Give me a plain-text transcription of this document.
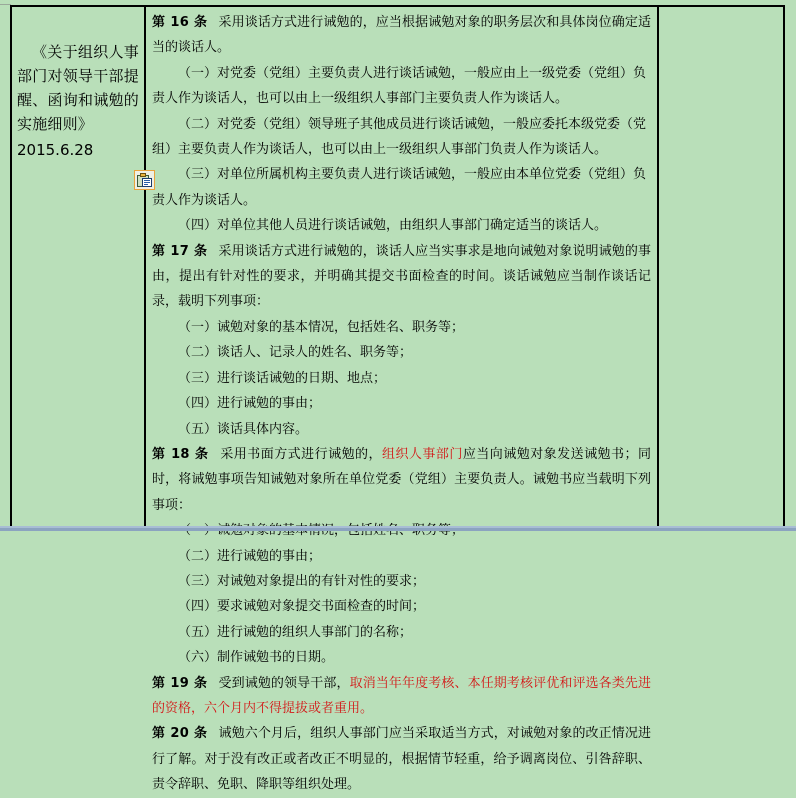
《关于组织人事部门对领导干部提醒、函询和诫勉的实施细则》
2015.6.28

第 16 条 采用谈话方式进行诫勉的，应当根据诫勉对象的职务层次和具体岗位确定适当的谈话人。

（一）对党委（党组）主要负责人进行谈话诫勉，一般应由上一级党委（党组）负责人作为谈话人，也可以由上一级组织人事部门主要负责人作为谈话人。

（二）对党委（党组）领导班子其他成员进行谈话诫勉，一般应委托本级党委（党组）主要负责人作为谈话人，也可以由上一级组织人事部门负责人作为谈话人。

（三）对单位所属机构主要负责人进行谈话诫勉，一般应由本单位党委（党组）负责人作为谈话人。

（四）对单位其他人员进行谈话诫勉，由组织人事部门确定适当的谈话人。

第 17 条 采用谈话方式进行诫勉的，谈话人应当实事求是地向诫勉对象说明诫勉的事由，提出有针对性的要求，并明确其提交书面检查的时间。谈话诫勉应当制作谈话记录，载明下列事项：

（一）诫勉对象的基本情况，包括姓名、职务等；

（二）谈话人、记录人的姓名、职务等；

（三）进行谈话诫勉的日期、地点；

（四）进行诫勉的事由；

（五）谈话具体内容。

第 18 条 采用书面方式进行诫勉的，组织人事部门应当向诫勉对象发送诫勉书；同时，将诫勉事项告知诫勉对象所在单位党委（党组）主要负责人。诫勉书应当载明下列事项：

（二）进行诫勉的事由；

（三）对诫勉对象提出的有针对性的要求；

（四）要求诫勉对象提交书面检查的时间；

（五）进行诫勉的组织人事部门的名称；

（六）制作诫勉书的日期。

第 19 条 受到诫勉的领导干部，取消当年年度考核、本任期考核评优和评选各类先进的资格，六个月内不得提拔或者重用。

第 20 条 诫勉六个月后，组织人事部门应当采取适当方式，对诫勉对象的改正情况进行了解。对于没有改正或者改正不明显的，根据情节轻重，给予调离岗位、引咎辞职、责令辞职、免职、降职等组织处理。
